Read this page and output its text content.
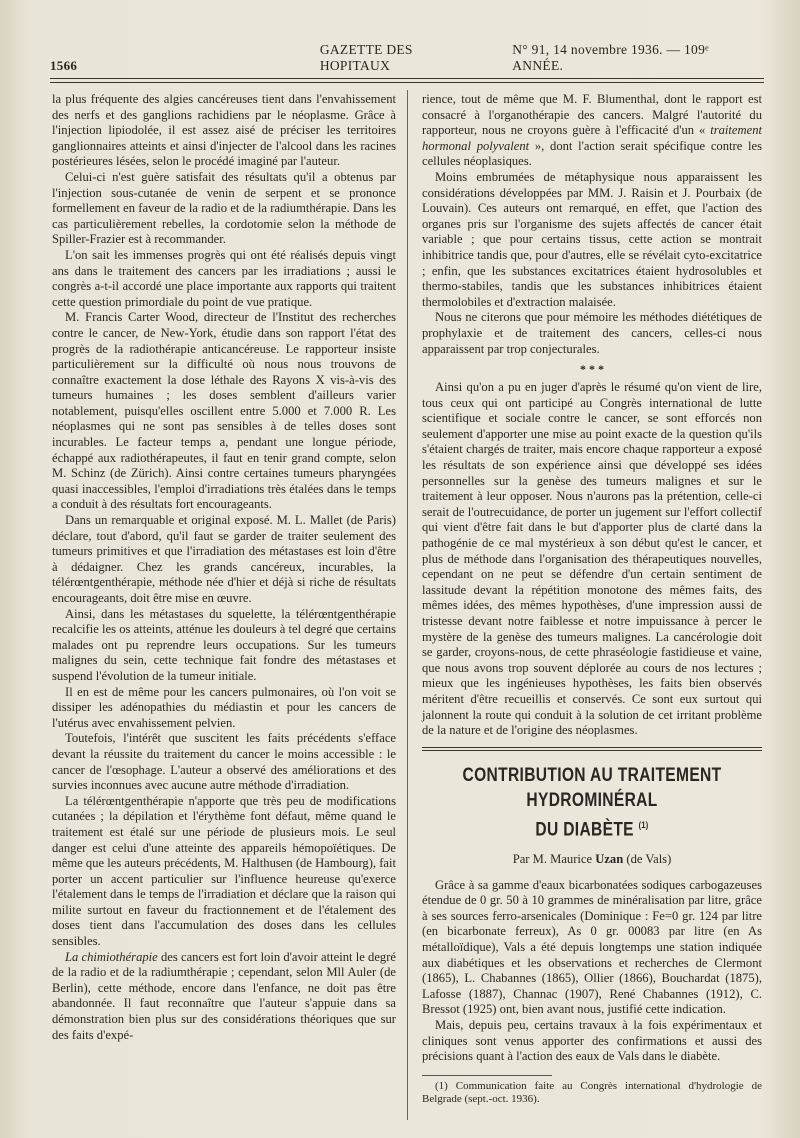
1566
GAZETTE DES HOPITAUX
N° 91, 14 novembre 1936. — 109ᵉ ANNÉE.

la plus fréquente des algies cancéreuses tient dans l'envahissement des nerfs et des ganglions rachidiens par le néoplasme. Grâce à l'injection lipiodolée, il est assez aisé de préciser les territoires ganglionnaires atteints et ainsi d'injecter de l'alcool dans les racines postérieures lésées, selon le procédé imaginé par l'auteur.

Celui-ci n'est guère satisfait des résultats qu'il a obtenus par l'injection sous-cutanée de venin de serpent et se prononce formellement en faveur de la radio et de la radiumthérapie. Dans les cas particulièrement rebelles, la cordotomie selon la méthode de Spiller-Frazier est à recommander.

L'on sait les immenses progrès qui ont été réalisés depuis vingt ans dans le traitement des cancers par les irradiations ; aussi le congrès a-t-il accordé une place importante aux rapports qui traitent cette question primordiale du point de vue pratique.

M. Francis Carter Wood, directeur de l'Institut des recherches contre le cancer, de New-York, étudie dans son rapport l'état des progrès de la radiothérapie anticancéreuse. Le rapporteur insiste particulièrement sur la difficulté où nous nous trouvons de connaître exactement la dose léthale des Rayons X vis-à-vis des tumeurs humaines ; les doses semblent d'ailleurs varier notablement, puisqu'elles oscillent entre 5.000 et 7.000 R. Les néoplasmes qui ne sont pas sensibles à de telles doses sont incurables. Le facteur temps a, pendant une longue période, échappé aux radiothérapeutes, il faut en tenir grand compte, selon M. Schinz (de Zürich). Ainsi contre certaines tumeurs pharyngées quasi inaccessibles, l'emploi d'irradiations très étalées dans le temps a conduit à des résultats fort encourageants.

Dans un remarquable et original exposé. M. L. Mallet (de Paris) déclare, tout d'abord, qu'il faut se garder de traiter seulement des tumeurs primitives et que l'irradiation des métastases est loin d'être à dédaigner. Chez les grands cancéreux, incurables, la télérœntgenthérapie, méthode née d'hier et déjà si riche de résultats encourageants, doit être mise en œuvre.

Ainsi, dans les métastases du squelette, la télérœntgenthérapie recalcifie les os atteints, atténue les douleurs à tel degré que certains malades ont pu reprendre leurs occupations. Sur les tumeurs malignes du sein, cette technique fait fondre des métastases et suspend l'évolution de la tumeur initiale.

Il en est de même pour les cancers pulmonaires, où l'on voit se dissiper les adénopathies du médiastin et pour les cancers de l'utérus avec envahissement pelvien.

Toutefois, l'intérêt que suscitent les faits précédents s'efface devant la réussite du traitement du cancer le moins accessible : le cancer de l'œsophage. L'auteur a observé des améliorations et des survies inconnues avec aucune autre méthode d'irradiation.

La télérœntgenthérapie n'apporte que très peu de modifications cutanées ; la dépilation et l'érythème font défaut, même quand le traitement est étalé sur une période de plusieurs mois. Le seul danger est celui d'une atteinte des appareils hémopoïétiques. De même que les auteurs précédents, M. Halthusen (de Hambourg), fait porter un accent particulier sur l'influence heureuse qu'exerce l'étalement dans le temps de l'irradiation et déclare que la raison qui milite surtout en faveur du fractionnement et de l'étalement des doses tient dans l'accumulation des doses dans les cellules sensibles.

La chimiothérapie des cancers est fort loin d'avoir atteint le degré de la radio et de la radiumthérapie ; cependant, selon Mll Auler (de Berlin), cette méthode, encore dans l'enfance, ne doit pas être abandonnée. Il faut reconnaître que l'auteur s'appuie dans sa démonstration bien plus sur des considérations théoriques que sur des faits d'expé-

rience, tout de même que M. F. Blumenthal, dont le rapport est consacré à l'organothérapie des cancers. Malgré l'autorité du rapporteur, nous ne croyons guère à l'efficacité d'un « traitement hormonal polyvalent », dont l'action serait spécifique contre les cellules néoplasiques.

Moins embrumées de métaphysique nous apparaissent les considérations développées par MM. J. Raisin et J. Pourbaix (de Louvain). Ces auteurs ont remarqué, en effet, que l'action des organes pris sur l'organisme des sujets affectés de cancer était variable ; que pour certains tissus, cette action se montrait inhibitrice tandis que, pour d'autres, elle se révélait cyto-excitatrice ; enfin, que les substances excitatrices étaient hydrosolubles et thermo-stabiles, tandis que les substances inhibitrices étaient thermolobiles et d'extraction malaisée.

Nous ne citerons que pour mémoire les méthodes diététiques de prophylaxie et de traitement des cancers, celles-ci nous apparaissent par trop conjecturales.

* * *

Ainsi qu'on a pu en juger d'après le résumé qu'on vient de lire, tous ceux qui ont participé au Congrès international de lutte scientifique et sociale contre le cancer, se sont efforcés non seulement d'apporter une mise au point exacte de la question qu'ils s'étaient chargés de traiter, mais encore chaque rapporteur a exposé les résultats de son expérience ainsi que développé ses idées personnelles sur la genèse des tumeurs malignes et sur le traitement à leur opposer. Nous n'aurons pas la prétention, celle-ci serait de l'outrecuidance, de porter un jugement sur l'effort collectif qui vient d'être fait dans le but d'apporter plus de clarté dans la pathogénie de ce mal mystérieux à son début qu'est le cancer, et plus de méthode dans l'organisation des thérapeutiques nouvelles, cependant on ne peut se défendre d'un certain sentiment de lassitude devant la répétition monotone des mêmes faits, des mêmes idées, des mêmes hypothèses, d'une impression aussi de tristesse devant notre faiblesse et notre impuissance à percer le mystère de la genèse des tumeurs malignes. La cancérologie doit se garder, croyons-nous, de cette phraséologie fastidieuse et vaine, que nous avons trop souvent déplorée au cours de nos lectures ; mieux que les ingénieuses hypothèses, les faits bien observés méritent d'être recueillis et conservés. Ce sont eux surtout qui jalonnent la route qui conduit à la solution de cet irritant problème de la nature et de l'origine des néoplasmes.

CONTRIBUTION AU TRAITEMENT HYDROMINÉRAL
DU DIABÈTE $^{(1)}$
Par M. Maurice Uzan (de Vals)

Grâce à sa gamme d'eaux bicarbonatées sodiques carbogazeuses étendue de 0 gr. 50 à 10 grammes de minéralisation par litre, grâce à ses sources ferro-arsenicales (Dominique : Fe=0 gr. 124 par litre (en bicarbonate ferreux), As 0 gr. 00083 par litre (en As métalloïdique), Vals a été depuis longtemps une station indiquée aux diabétiques et les observations et recherches de Clermont (1865), L. Chabannes (1865), Ollier (1866), Bouchardat (1875), Lafosse (1887), Channac (1907), René Chabannes (1912), C. Bressot (1925) ont, bien avant nous, justifié cette indication.

Mais, depuis peu, certains travaux à la fois expérimentaux et cliniques sont venus apporter des confirmations et aussi des précisions quant à l'action des eaux de Vals dans le diabète.

(1) Communication faite au Congrès international d'hydrologie de Belgrade (sept.-oct. 1936).
